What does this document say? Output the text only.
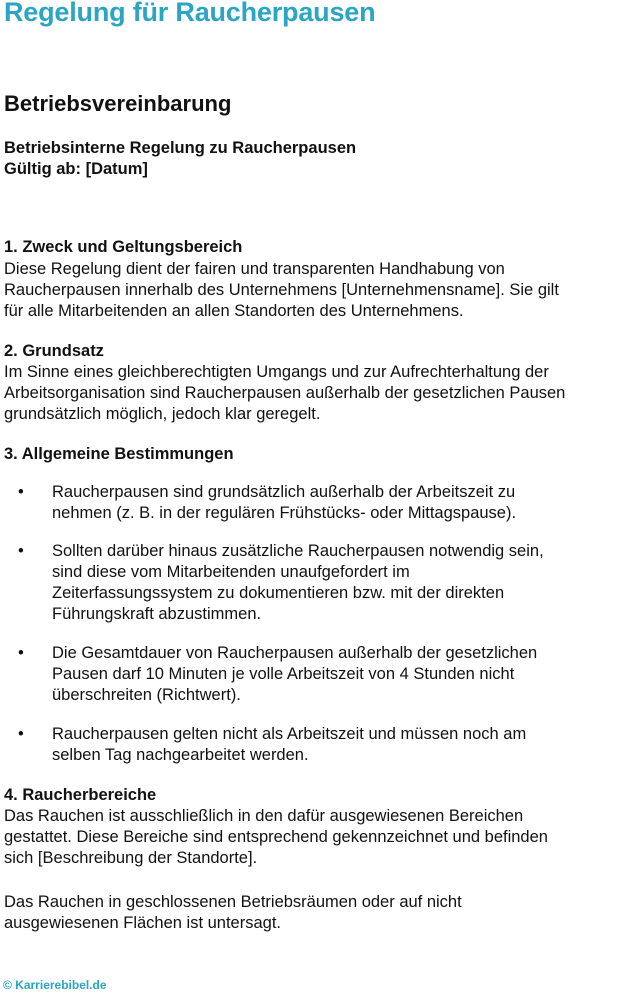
Regelung für Raucherpausen
Betriebsvereinbarung
Betriebsinterne Regelung zu Raucherpausen
Gültig ab: [Datum]
1. Zweck und Geltungsbereich
Diese Regelung dient der fairen und transparenten Handhabung von
Raucherpausen innerhalb des Unternehmens [Unternehmensname]. Sie gilt
für alle Mitarbeitenden an allen Standorten des Unternehmens.
2. Grundsatz
Im Sinne eines gleichberechtigten Umgangs und zur Aufrechterhaltung der
Arbeitsorganisation sind Raucherpausen außerhalb der gesetzlichen Pausen
grundsätzlich möglich, jedoch klar geregelt.
3. Allgemeine Bestimmungen
• Raucherpausen sind grundsätzlich außerhalb der Arbeitszeit zu
nehmen (z. B. in der regulären Frühstücks- oder Mittagspause).
• Sollten darüber hinaus zusätzliche Raucherpausen notwendig sein,
sind diese vom Mitarbeitenden unaufgefordert im
Zeiterfassungssystem zu dokumentieren bzw. mit der direkten
Führungskraft abzustimmen.
• Die Gesamtdauer von Raucherpausen außerhalb der gesetzlichen
Pausen darf 10 Minuten je volle Arbeitszeit von 4 Stunden nicht
überschreiten (Richtwert).
• Raucherpausen gelten nicht als Arbeitszeit und müssen noch am
selben Tag nachgearbeitet werden.
4. Raucherbereiche
Das Rauchen ist ausschließlich in den dafür ausgewiesenen Bereichen
gestattet. Diese Bereiche sind entsprechend gekennzeichnet und befinden
sich [Beschreibung der Standorte].
Das Rauchen in geschlossenen Betriebsräumen oder auf nicht
ausgewiesenen Flächen ist untersagt.
© Karrierebibel.de
